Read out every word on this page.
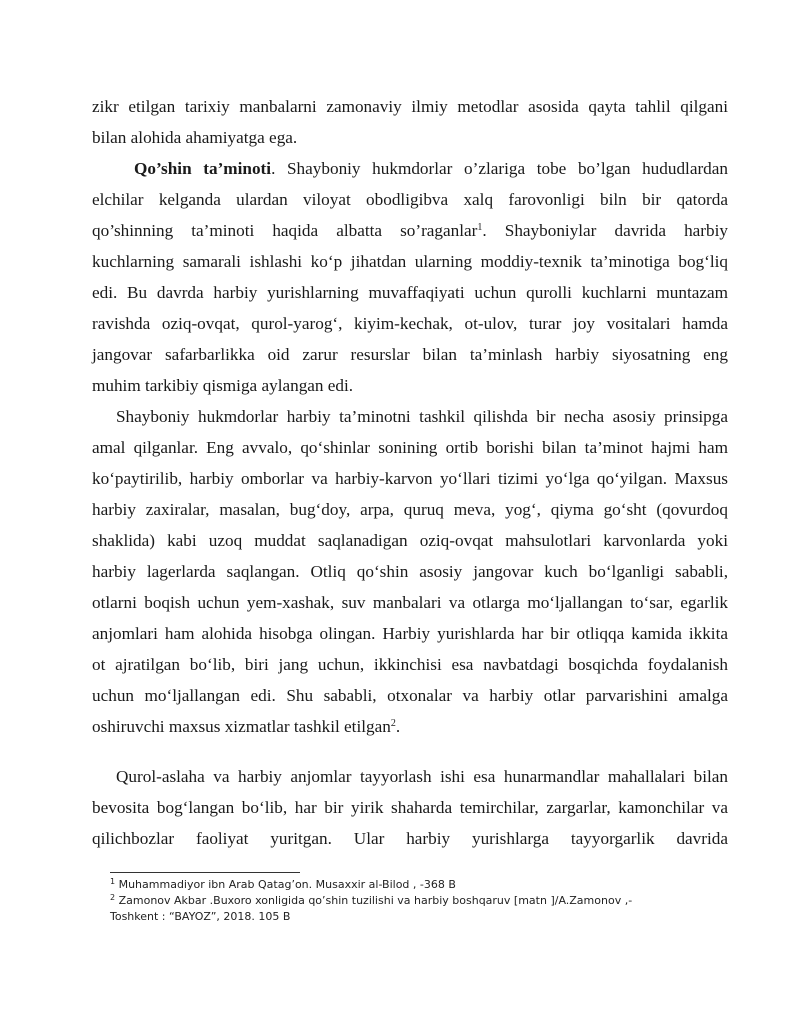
zikr etilgan tarixiy manbalarni zamonaviy ilmiy metodlar asosida qayta tahlil qilgani
bilan alohida ahamiyatga ega.
Qo’shin ta’minoti. Shayboniy hukmdorlar o’zlariga tobe bo’lgan hududlardan
elchilar kelganda ulardan viloyat obodligibva xalq farovonligi biln bir qatorda
qo’shinning ta’minoti haqida albatta so’raganlar$^1$. Shayboniylar davrida harbiy
kuchlarning samarali ishlashi ko‘p jihatdan ularning moddiy-texnik ta’minotiga bog‘liq
edi. Bu davrda harbiy yurishlarning muvaffaqiyati uchun qurolli kuchlarni muntazam
ravishda oziq-ovqat, qurol-yarog‘, kiyim-kechak, ot-ulov, turar joy vositalari hamda
jangovar safarbarlikka oid zarur resurslar bilan ta’minlash harbiy siyosatning eng
muhim tarkibiy qismiga aylangan edi.
Shayboniy hukmdorlar harbiy ta’minotni tashkil qilishda bir necha asosiy prinsipga
amal qilganlar. Eng avvalo, qo‘shinlar sonining ortib borishi bilan ta’minot hajmi ham
ko‘paytirilib, harbiy omborlar va harbiy-karvon yo‘llari tizimi yo‘lga qo‘yilgan. Maxsus
harbiy zaxiralar, masalan, bug‘doy, arpa, quruq meva, yog‘, qiyma go‘sht (qovurdoq
shaklida) kabi uzoq muddat saqlanadigan oziq-ovqat mahsulotlari karvonlarda yoki
harbiy lagerlarda saqlangan. Otliq qo‘shin asosiy jangovar kuch bo‘lganligi sababli,
otlarni boqish uchun yem-xashak, suv manbalari va otlarga mo‘ljallangan to‘sar, egarlik
anjomlari ham alohida hisobga olingan. Harbiy yurishlarda har bir otliqqa kamida ikkita
ot ajratilgan bo‘lib, biri jang uchun, ikkinchisi esa navbatdagi bosqichda foydalanish
uchun mo‘ljallangan edi. Shu sababli, otxonalar va harbiy otlar parvarishini amalga
oshiruvchi maxsus xizmatlar tashkil etilgan$^2$.
Qurol-aslaha va harbiy anjomlar tayyorlash ishi esa hunarmandlar mahallalari bilan
bevosita bog‘langan bo‘lib, har bir yirik shaharda temirchilar, zargarlar, kamonchilar va
qilichbozlar faoliyat yuritgan. Ular harbiy yurishlarga tayyorgarlik davrida
$^1$ Muhammadiyor ibn Arab Qatag’on. Musaxxir al-Bilod , -368 B
$^2$ Zamonov Akbar .Buxoro xonligida qo’shin tuzilishi va harbiy boshqaruv [matn ]/A.Zamonov ,-
Toshkent : “BAYOZ”, 2018. 105 B
